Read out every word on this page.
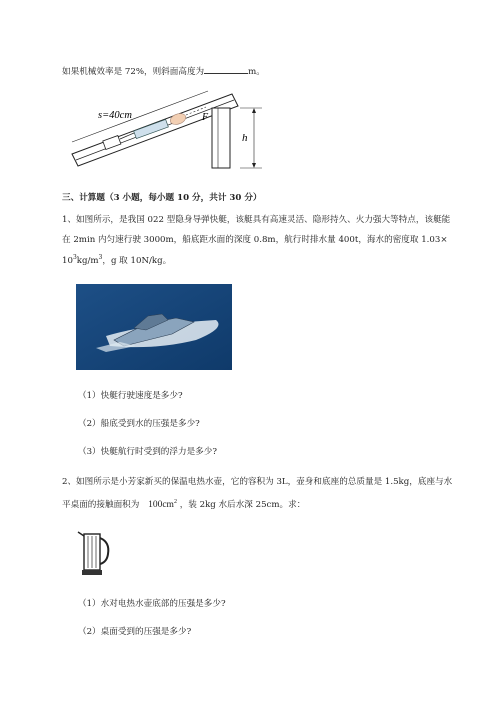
如果机械效率是 72%，则斜面高度为	m。
h
s=40cm	F
三、计算题（3 小题，每小题 10 分，共计 30 分）
1、如图所示，是我国 022 型隐身导弹快艇，该艇具有高速灵活、隐形持久、火力强大等特点，该艇能
在 2min 内匀速行驶 3000m，船底距水面的深度 0.8m，航行时排水量 400t，海水的密度取 1.03×
$10^3kg/m^3$，g 取 10N/kg。
（1）快艇行驶速度是多少?
（2）船底受到水的压强是多少?
（3）快艇航行时受到的浮力是多少?
2、如图所示是小芳家新买的保温电热水壶，它的容积为 3L，壶身和底座的总质量是 1.5kg，底座与水
平桌面的接触面积为 $100cm^2$ ，装 2kg 水后水深 25cm。求：
（1）水对电热水壶底部的压强是多少?
（2）桌面受到的压强是多少?
